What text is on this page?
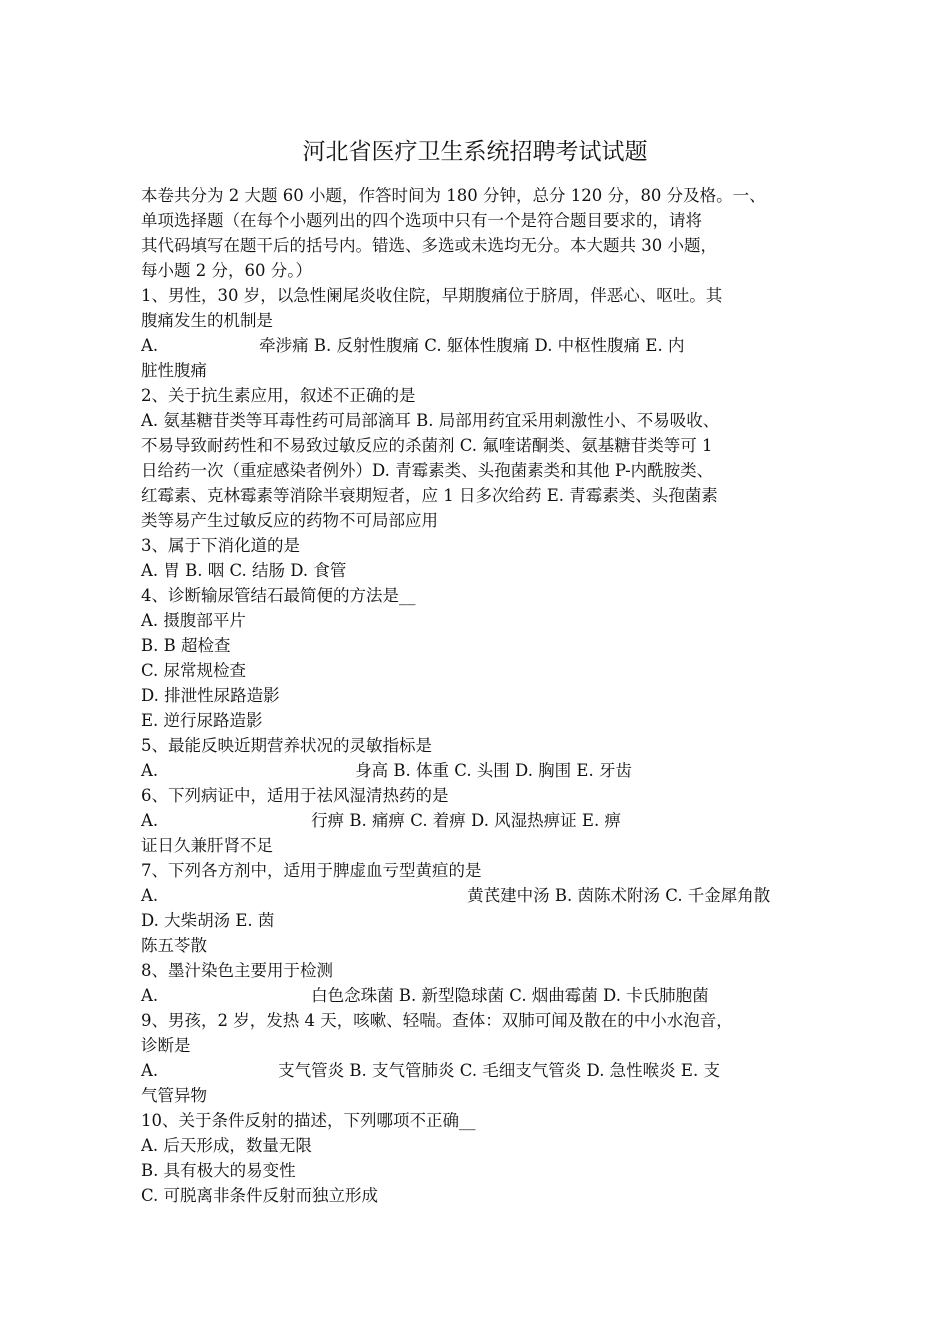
河北省医疗卫生系统招聘考试试题
本卷共分为 2 大题 60 小题，作答时间为 180 分钟，总分 120 分，80 分及格。一、
单项选择题（在每个小题列出的四个选项中只有一个是符合题目要求的，请将
其代码填写在题干后的括号内。错选、多选或未选均无分。本大题共 30 小题，
每小题 2 分，60 分。）
1、男性，30 岁，以急性阑尾炎收住院，早期腹痛位于脐周，伴恶心、呕吐。其
腹痛发生的机制是
A.	牵涉痛 B. 反射性腹痛 C. 躯体性腹痛 D. 中枢性腹痛 E. 内
脏性腹痛
2、关于抗生素应用，叙述不正确的是
A. 氨基糖苷类等耳毒性药可局部滴耳 B. 局部用药宜采用刺激性小、不易吸收、
不易导致耐药性和不易致过敏反应的杀菌剂 C. 氟喹诺酮类、氨基糖苷类等可 1
日给药一次（重症感染者例外）D. 青霉素类、头孢菌素类和其他 P-内酰胺类、
红霉素、克林霉素等消除半衰期短者，应 1 日多次给药 E. 青霉素类、头孢菌素
类等易产生过敏反应的药物不可局部应用
3、属于下消化道的是
A. 胃 B. 咽 C. 结肠 D. 食管
4、诊断输尿管结石最简便的方法是__
A. 摄腹部平片
B. B 超检查
C. 尿常规检查
D. 排泄性尿路造影
E. 逆行尿路造影
5、最能反映近期营养状况的灵敏指标是
A.	身高 B. 体重 C. 头围 D. 胸围 E. 牙齿
6、下列病证中，适用于祛风湿清热药的是
A.	行痹 B. 痛痹 C. 着痹 D. 风湿热痹证 E. 痹
证日久兼肝肾不足
7、下列各方剂中，适用于脾虚血亏型黄疸的是
A.	黄芪建中汤 B. 茵陈术附汤 C. 千金犀角散
D. 大柴胡汤 E. 茵
陈五苓散
8、墨汁染色主要用于检测
A.	白色念珠菌 B. 新型隐球菌 C. 烟曲霉菌 D. 卡氏肺胞菌
9、男孩，2 岁，发热 4 天，咳嗽、轻喘。查体：双肺可闻及散在的中小水泡音，
诊断是
A.	支气管炎 B. 支气管肺炎 C. 毛细支气管炎 D. 急性喉炎 E. 支
气管异物
10、关于条件反射的描述，下列哪项不正确__
A. 后天形成，数量无限
B. 具有极大的易变性
C. 可脱离非条件反射而独立形成
